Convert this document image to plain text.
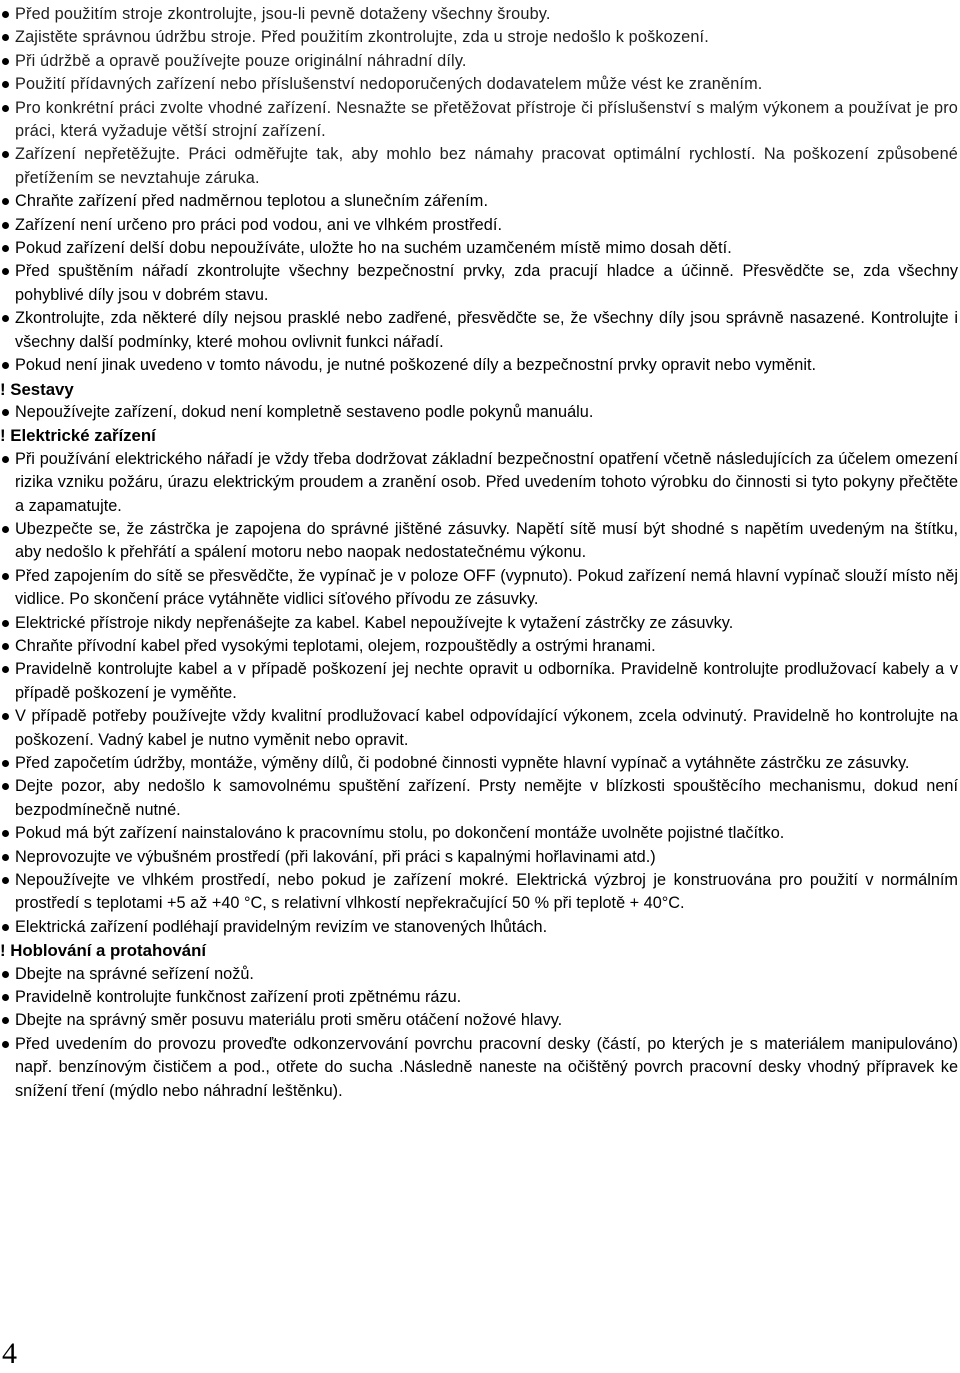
Před použitím stroje zkontrolujte, jsou-li pevně dotaženy všechny šrouby.
Zajistěte správnou údržbu stroje. Před použitím zkontrolujte, zda u stroje nedošlo k poškození.
Při údržbě a opravě používejte pouze originální náhradní díly.
Použití přídavných zařízení nebo příslušenství nedoporučených dodavatelem může vést ke zraněním.
Pro konkrétní práci zvolte vhodné zařízení. Nesnažte se přetěžovat přístroje či příslušenství s malým výkonem a používat je pro práci, která vyžaduje větší strojní zařízení.
Zařízení nepřetěžujte. Práci odměřujte tak, aby mohlo bez námahy pracovat optimální rychlostí. Na poškození způsobené přetížením se nevztahuje záruka.
Chraňte zařízení před nadměrnou teplotou a slunečním zářením.
Zařízení není určeno pro práci pod vodou, ani ve vlhkém prostředí.
Pokud zařízení delší dobu nepoužíváte, uložte ho na suchém uzamčeném místě mimo dosah dětí.
Před spuštěním nářadí zkontrolujte všechny bezpečnostní prvky, zda pracují hladce a účinně. Přesvědčte se, zda všechny pohyblivé díly jsou v dobrém stavu.
Zkontrolujte, zda některé díly nejsou prasklé nebo zadřené, přesvědčte se, že všechny díly jsou správně nasazené. Kontrolujte i všechny další podmínky, které mohou ovlivnit funkci nářadí.
Pokud není jinak uvedeno v tomto návodu, je nutné poškozené díly a bezpečnostní prvky opravit nebo vyměnit.
! Sestavy
Nepoužívejte zařízení, dokud není kompletně sestaveno podle pokynů manuálu.
! Elektrické zařízení
Při používání elektrického nářadí je vždy třeba dodržovat základní bezpečnostní opatření včetně následujících za účelem omezení rizika vzniku požáru, úrazu elektrickým proudem a zranění osob. Před uvedením tohoto výrobku do činnosti si tyto pokyny přečtěte a zapamatujte.
Ubezpečte se, že zástrčka je zapojena do správné jištěné zásuvky. Napětí sítě musí být shodné s napětím uvedeným na štítku, aby nedošlo k přehřátí a spálení motoru nebo naopak nedostatečnému výkonu.
Před zapojením do sítě se přesvědčte, že vypínač je v poloze OFF (vypnuto). Pokud zařízení nemá hlavní vypínač slouží místo něj vidlice. Po skončení práce vytáhněte vidlici síťového přívodu ze zásuvky.
Elektrické přístroje nikdy nepřenášejte za kabel. Kabel nepoužívejte k vytažení zástrčky ze zásuvky.
Chraňte přívodní kabel před vysokými teplotami, olejem, rozpouštědly a ostrými hranami.
Pravidelně kontrolujte kabel a v případě poškození jej nechte opravit u odborníka. Pravidelně kontrolujte prodlužovací kabely a v případě poškození je vyměňte.
V případě potřeby používejte vždy kvalitní prodlužovací kabel odpovídající výkonem, zcela odvinutý. Pravidelně ho kontrolujte na poškození. Vadný kabel je nutno vyměnit nebo opravit.
Před započetím údržby, montáže, výměny dílů, či podobné činnosti vypněte hlavní vypínač a vytáhněte zástrčku ze zásuvky.
Dejte pozor, aby nedošlo k samovolnému spuštění zařízení. Prsty nemějte v blízkosti spouštěcího mechanismu, dokud není bezpodmínečně nutné.
Pokud má být zařízení nainstalováno k pracovnímu stolu, po dokončení montáže uvolněte pojistné tlačítko.
Neprovozujte ve výbušném prostředí (při lakování, při práci s kapalnými hořlavinami atd.)
Nepoužívejte ve vlhkém prostředí, nebo pokud je zařízení mokré. Elektrická výzbroj je konstruována pro použití v normálním prostředí s teplotami +5 až +40 °C, s relativní vlhkostí nepřekračující 50 % při teplotě + 40°C.
Elektrická zařízení podléhají pravidelným revizím ve stanovených lhůtách.
! Hoblování a protahování
Dbejte na správné seřízení nožů.
Pravidelně kontrolujte funkčnost zařízení proti zpětnému rázu.
Dbejte na správný směr posuvu materiálu proti směru otáčení nožové hlavy.
Před uvedením do provozu proveďte odkonzervování povrchu pracovní desky (částí, po kterých je s materiálem manipulováno) např. benzínovým čističem a pod., otřete do sucha .Následně naneste na očištěný povrch pracovní desky vhodný přípravek ke snížení tření (mýdlo nebo náhradní leštěnku).
4
